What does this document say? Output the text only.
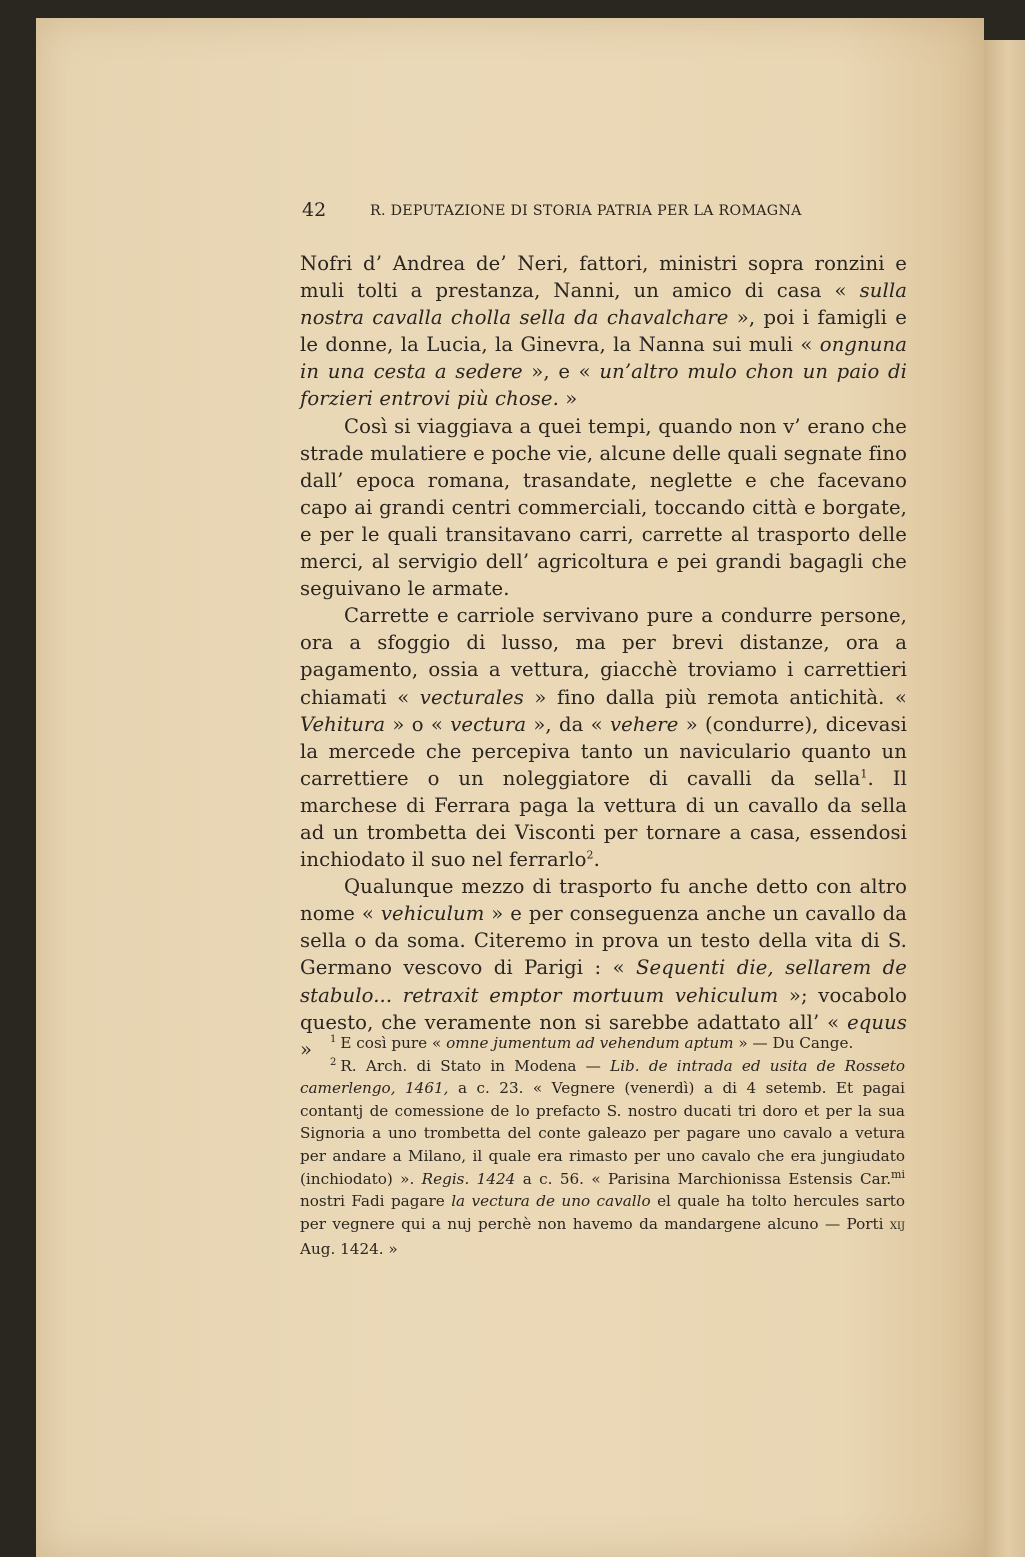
42	R. DEPUTAZIONE DI STORIA PATRIA PER LA ROMAGNA

Nofri d’ Andrea de’ Neri, fattori, ministri sopra ronzini e muli tolti a prestanza, Nanni, un amico di casa « sulla nostra cavalla cholla sella da chavalchare », poi i famigli e le donne, la Lucia, la Ginevra, la Nanna sui muli « ongnuna in una cesta a sedere », e « un’altro mulo chon un paio di forzieri entrovi più chose. »

Così si viaggiava a quei tempi, quando non v’ erano che strade mulatiere e poche vie, alcune delle quali segnate fino dall’ epoca romana, trasandate, neglette e che facevano capo ai grandi centri commerciali, toccando città e borgate, e per le quali transitavano carri, carrette al trasporto delle merci, al servigio dell’ agricoltura e pei grandi bagagli che seguivano le armate.

Carrette e carriole servivano pure a condurre persone, ora a sfoggio di lusso, ma per brevi distanze, ora a pagamento, ossia a vettura, giacchè troviamo i carrettieri chiamati « vecturales » fino dalla più remota antichità. « Vehitura » o « vectura », da « vehere » (condurre), dicevasi la mercede che percepiva tanto un naviculario quanto un carrettiere o un noleggiatore di cavalli da sella$^1$. Il marchese di Ferrara paga la vettura di un cavallo da sella ad un trombetta dei Visconti per tornare a casa, essendosi inchiodato il suo nel ferrarlo$^2$.

Qualunque mezzo di trasporto fu anche detto con altro nome « vehiculum » e per conseguenza anche un cavallo da sella o da soma. Citeremo in prova un testo della vita di S. Germano vescovo di Parigi : « Sequenti die, sellarem de stabulo... retraxit emptor mortuum vehiculum »; vocabolo questo, che veramente non si sarebbe adattato all’ « equus »	$^1$ E così pure « omne jumentum ad vehendum aptum » — Du Cange.

$^2$ R. Arch. di Stato in Modena — Lib. de intrada ed usita de Rosseto camerlengo, 1461, a c. 23. « Vegnere (venerdì) a di 4 setemb. Et pagai contantj de comessione de lo prefacto S. nostro ducati tri doro et per la sua Signoria a uno trombetta del conte galeazo per pagare uno cavalo a vetura per andare a Milano, il quale era rimasto per uno cavalo che era jungiudato (inchiodato) ». Regis. 1424 a c. 56. « Parisina Marchionissa Estensis Car.$^{mi}$ nostri Fadi pagare la vectura de uno cavallo el quale ha tolto hercules sarto per vegnere qui a nuj perchè non havemo da mandargene alcuno — Porti XIJ Aug. 1424. »
